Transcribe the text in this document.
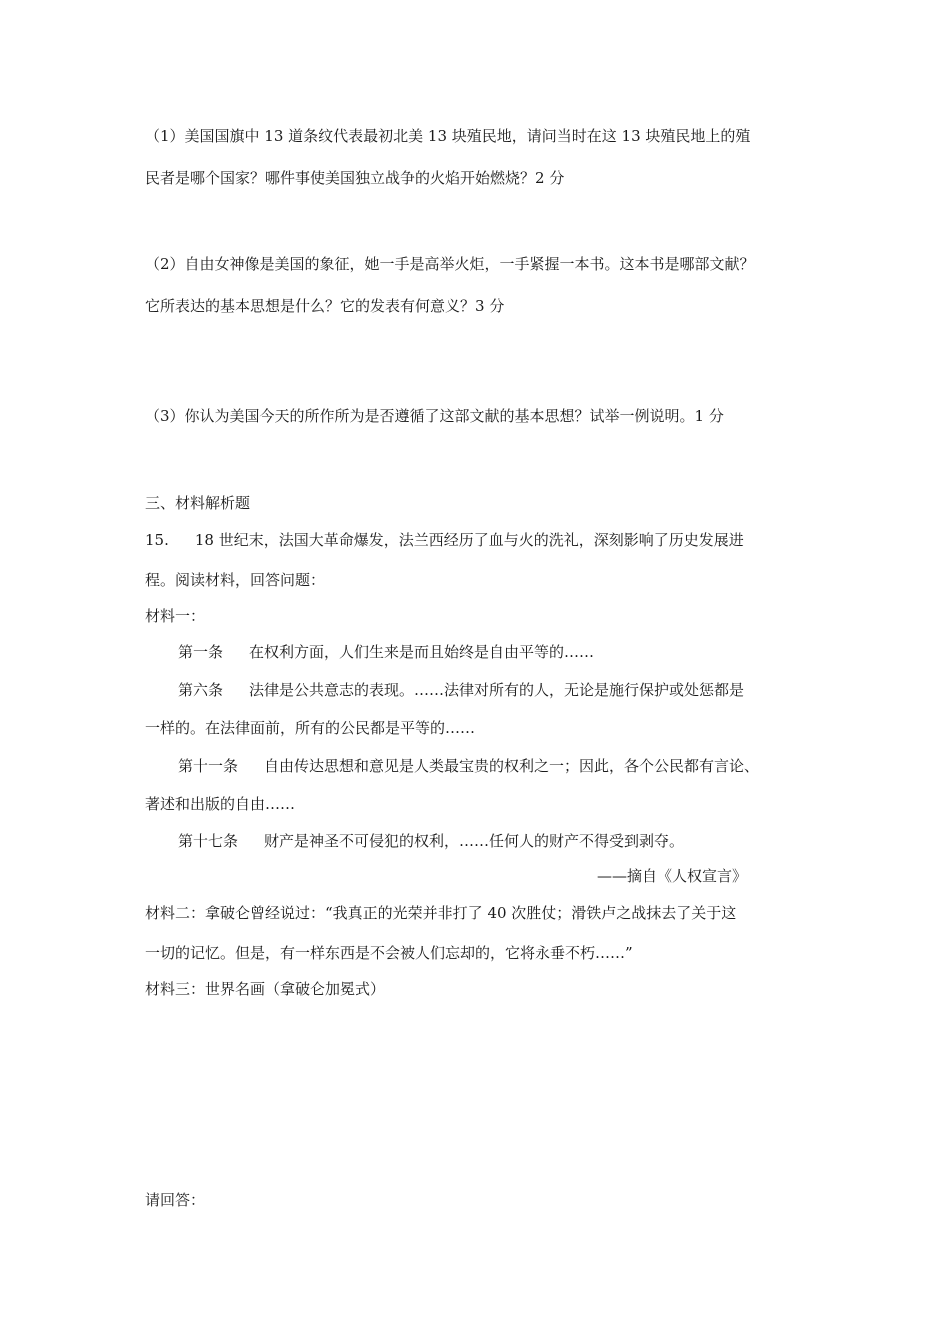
（1）美国国旗中 13 道条纹代表最初北美 13 块殖民地，请问当时在这 13 块殖民地上的殖
民者是哪个国家？哪件事使美国独立战争的火焰开始燃烧？2 分
（2）自由女神像是美国的象征，她一手是高举火炬，一手紧握一本书。这本书是哪部文献？
它所表达的基本思想是什么？它的发表有何意义？3 分
（3）你认为美国今天的所作所为是否遵循了这部文献的基本思想？试举一例说明。1 分
三、材料解析题
15. 18 世纪末，法国大革命爆发，法兰西经历了血与火的洗礼，深刻影响了历史发展进
程。阅读材料，回答问题：
材料一：
第一条 在权利方面，人们生来是而且始终是自由平等的……
第六条 法律是公共意志的表现。……法律对所有的人，无论是施行保护或处惩都是
一样的。在法律面前，所有的公民都是平等的……
第十一条 自由传达思想和意见是人类最宝贵的权利之一；因此，各个公民都有言论、
著述和出版的自由……
第十七条 财产是神圣不可侵犯的权利，……任何人的财产不得受到剥夺。
——摘自《人权宣言》
材料二：拿破仑曾经说过：“我真正的光荣并非打了 40 次胜仗；滑铁卢之战抹去了关于这
一切的记忆。但是，有一样东西是不会被人们忘却的，它将永垂不朽……”
材料三：世界名画（拿破仑加冕式）
请回答：
